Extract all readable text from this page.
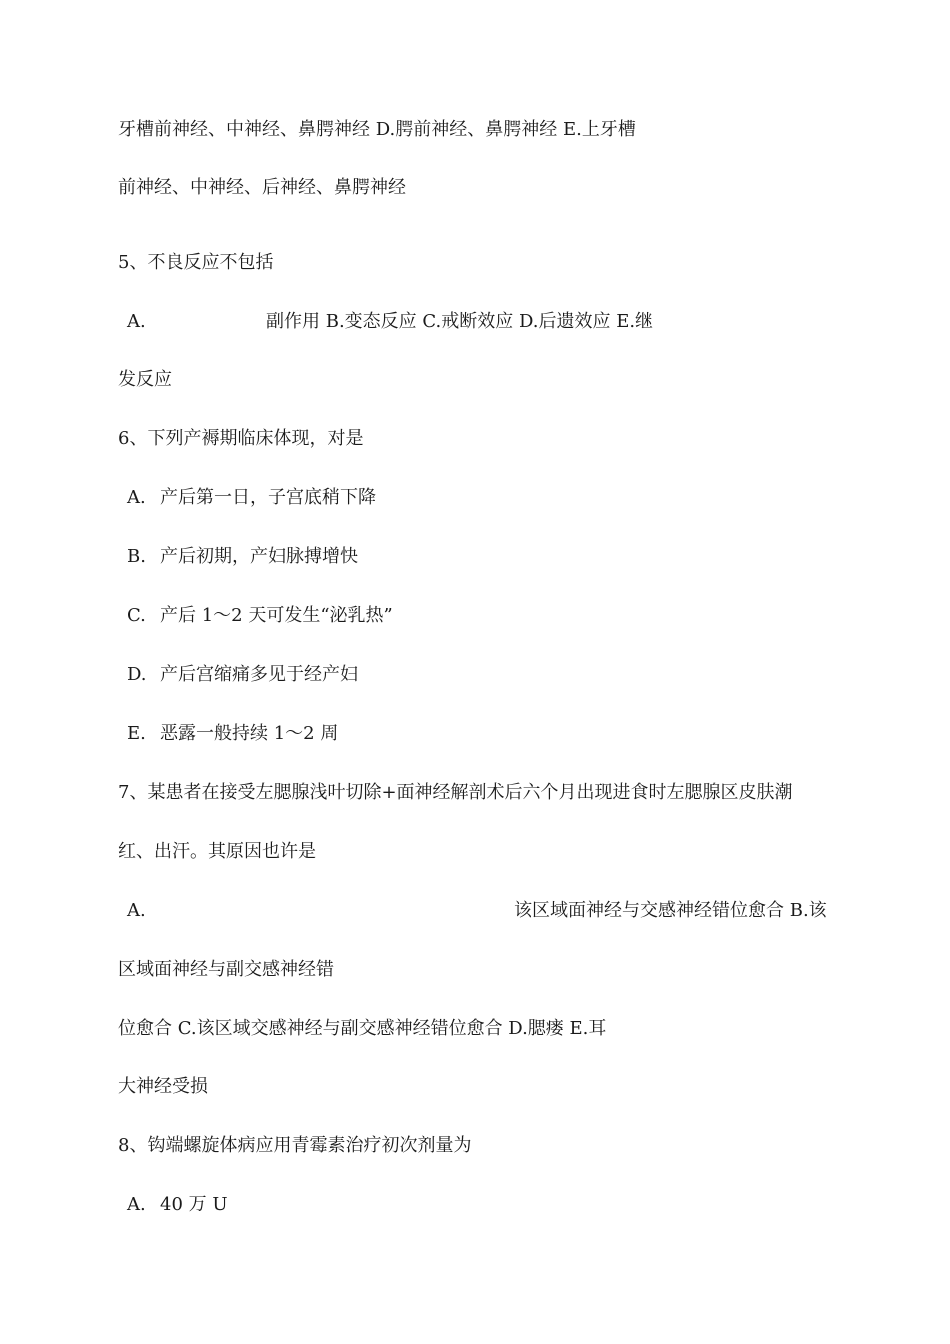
牙槽前神经、中神经、鼻腭神经 D.腭前神经、鼻腭神经 E.上牙槽
前神经、中神经、后神经、鼻腭神经
5、不良反应不包括
A.	副作用 B.变态反应 C.戒断效应 D.后遗效应 E.继
发反应
6、下列产褥期临床体现，对是
A. 产后第一日，子宫底稍下降
B. 产后初期，产妇脉搏增快
C. 产后 1〜2 天可发生“泌乳热”
D. 产后宫缩痛多见于经产妇
E. 恶露一般持续 1〜2 周
7、某患者在接受左腮腺浅叶切除+面神经解剖术后六个月出现进食时左腮腺区皮肤潮
红、出汗。其原因也许是
A.	该区域面神经与交感神经错位愈合 B.该
区域面神经与副交感神经错
位愈合 C.该区域交感神经与副交感神经错位愈合 D.腮瘘 E.耳
大神经受损
8、钩端螺旋体病应用青霉素治疗初次剂量为
A. 40 万 U
